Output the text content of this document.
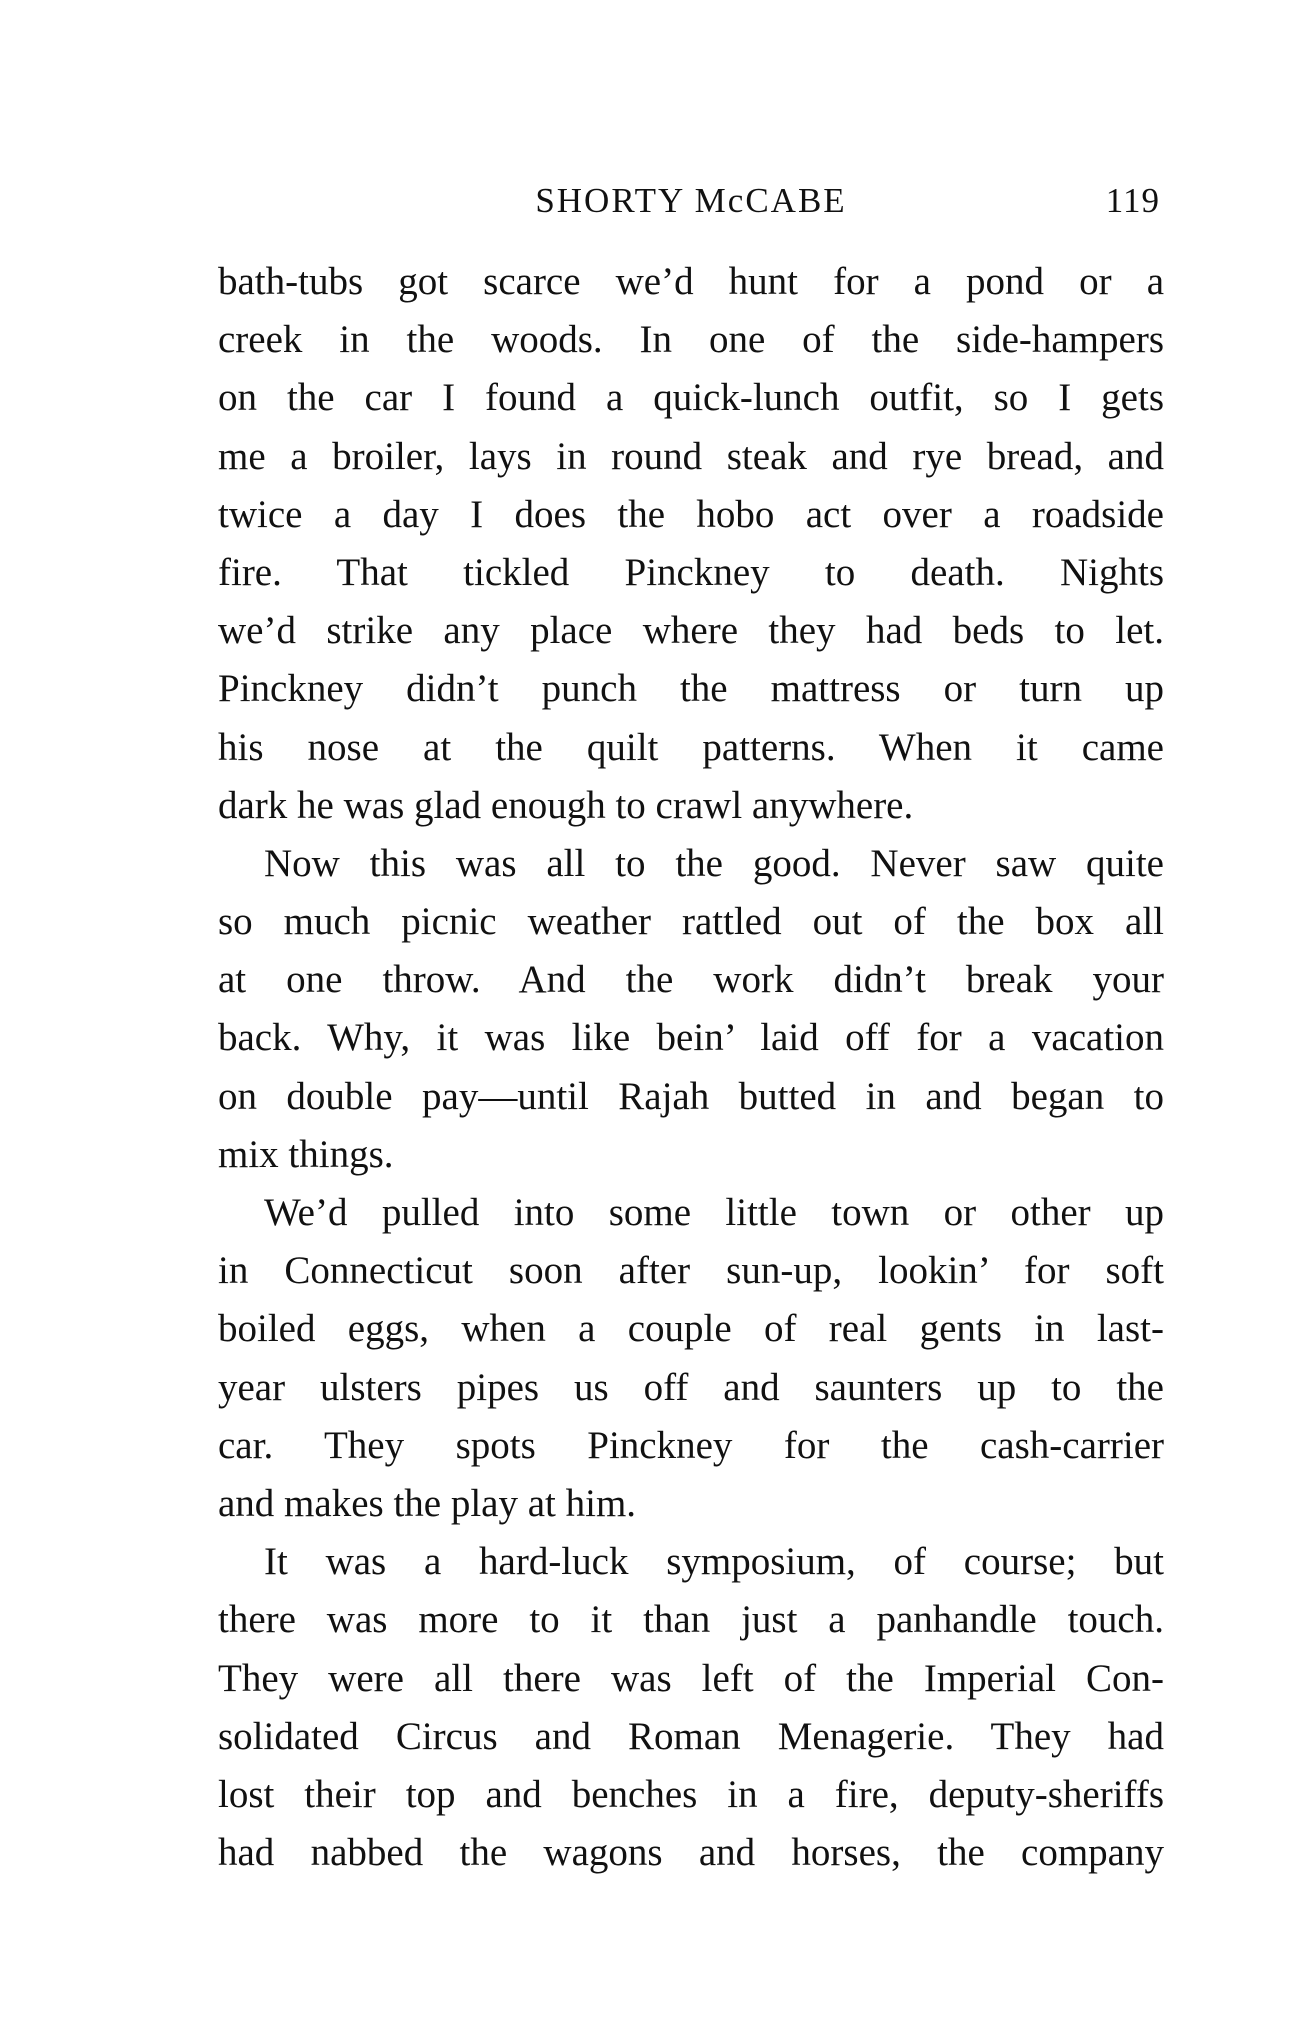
SHORTY McCABE	119
bath-tubs got scarce we’d hunt for a pond or a
creek in the woods. In one of the side-hampers
on the car I found a quick-lunch outfit, so I gets
me a broiler, lays in round steak and rye bread, and
twice a day I does the hobo act over a roadside
fire. That tickled Pinckney to death. Nights
we’d strike any place where they had beds to let.
Pinckney didn’t punch the mattress or turn up
his nose at the quilt patterns. When it came
dark he was glad enough to crawl anywhere.
Now this was all to the good. Never saw quite
so much picnic weather rattled out of the box all
at one throw. And the work didn’t break your
back. Why, it was like bein’ laid off for a vacation
on double pay—until Rajah butted in and began to
mix things.
We’d pulled into some little town or other up
in Connecticut soon after sun-up, lookin’ for soft
boiled eggs, when a couple of real gents in last-
year ulsters pipes us off and saunters up to the
car. They spots Pinckney for the cash-carrier
and makes the play at him.
It was a hard-luck symposium, of course; but
there was more to it than just a panhandle touch.
They were all there was left of the Imperial Con-
solidated Circus and Roman Menagerie. They had
lost their top and benches in a fire, deputy-sheriffs
had nabbed the wagons and horses, the company
